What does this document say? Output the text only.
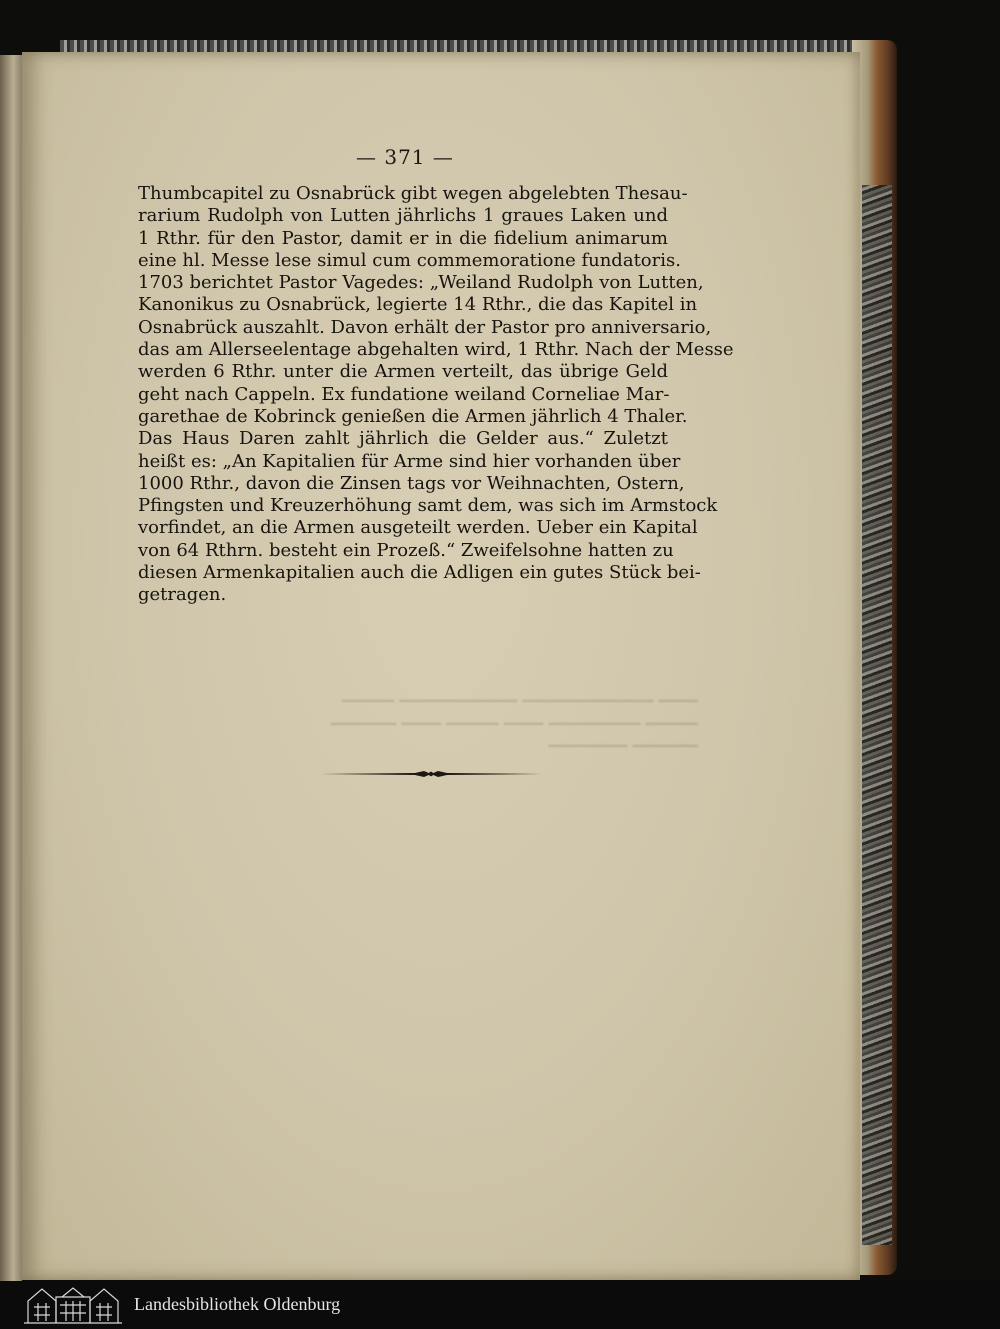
▁▁▁ ▁▁▁▁▁▁▁▁▁▁ ▁▁▁▁▁▁▁▁▁ ▁▁▁▁
▁▁▁▁ ▁▁▁▁▁▁▁ ▁▁▁ ▁▁▁▁ ▁▁▁ ▁▁▁▁▁
▁▁▁▁▁ ▁▁▁▁▁▁
— 371 —
Thumbcapitel zu Osnabrück gibt wegen abgelebten Thesau-
rarium Rudolph von Lutten jährlichs 1 graues Laken und
1 Rthr. für den Pastor, damit er in die fidelium animarum
eine hl. Messe lese simul cum commemoratione fundatoris.
1703 berichtet Pastor Vagedes: „Weiland Rudolph von Lutten,
Kanonikus zu Osnabrück, legierte 14 Rthr., die das Kapitel in
Osnabrück auszahlt. Davon erhält der Pastor pro anniversario,
das am Allerseelentage abgehalten wird, 1 Rthr. Nach der Messe
werden 6 Rthr. unter die Armen verteilt, das übrige Geld
geht nach Cappeln. Ex fundatione weiland Corneliae Mar-
garethae de Kobrinck genießen die Armen jährlich 4 Thaler.
Das Haus Daren zahlt jährlich die Gelder aus.“ Zuletzt
heißt es: „An Kapitalien für Arme sind hier vorhanden über
1000 Rthr., davon die Zinsen tags vor Weihnachten, Ostern,
Pfingsten und Kreuzerhöhung samt dem, was sich im Armstock
vorfindet, an die Armen ausgeteilt werden. Ueber ein Kapital
von 64 Rthrn. besteht ein Prozeß.“ Zweifelsohne hatten zu
diesen Armenkapitalien auch die Adligen ein gutes Stück bei-
getragen.
Landesbibliothek Oldenburg
